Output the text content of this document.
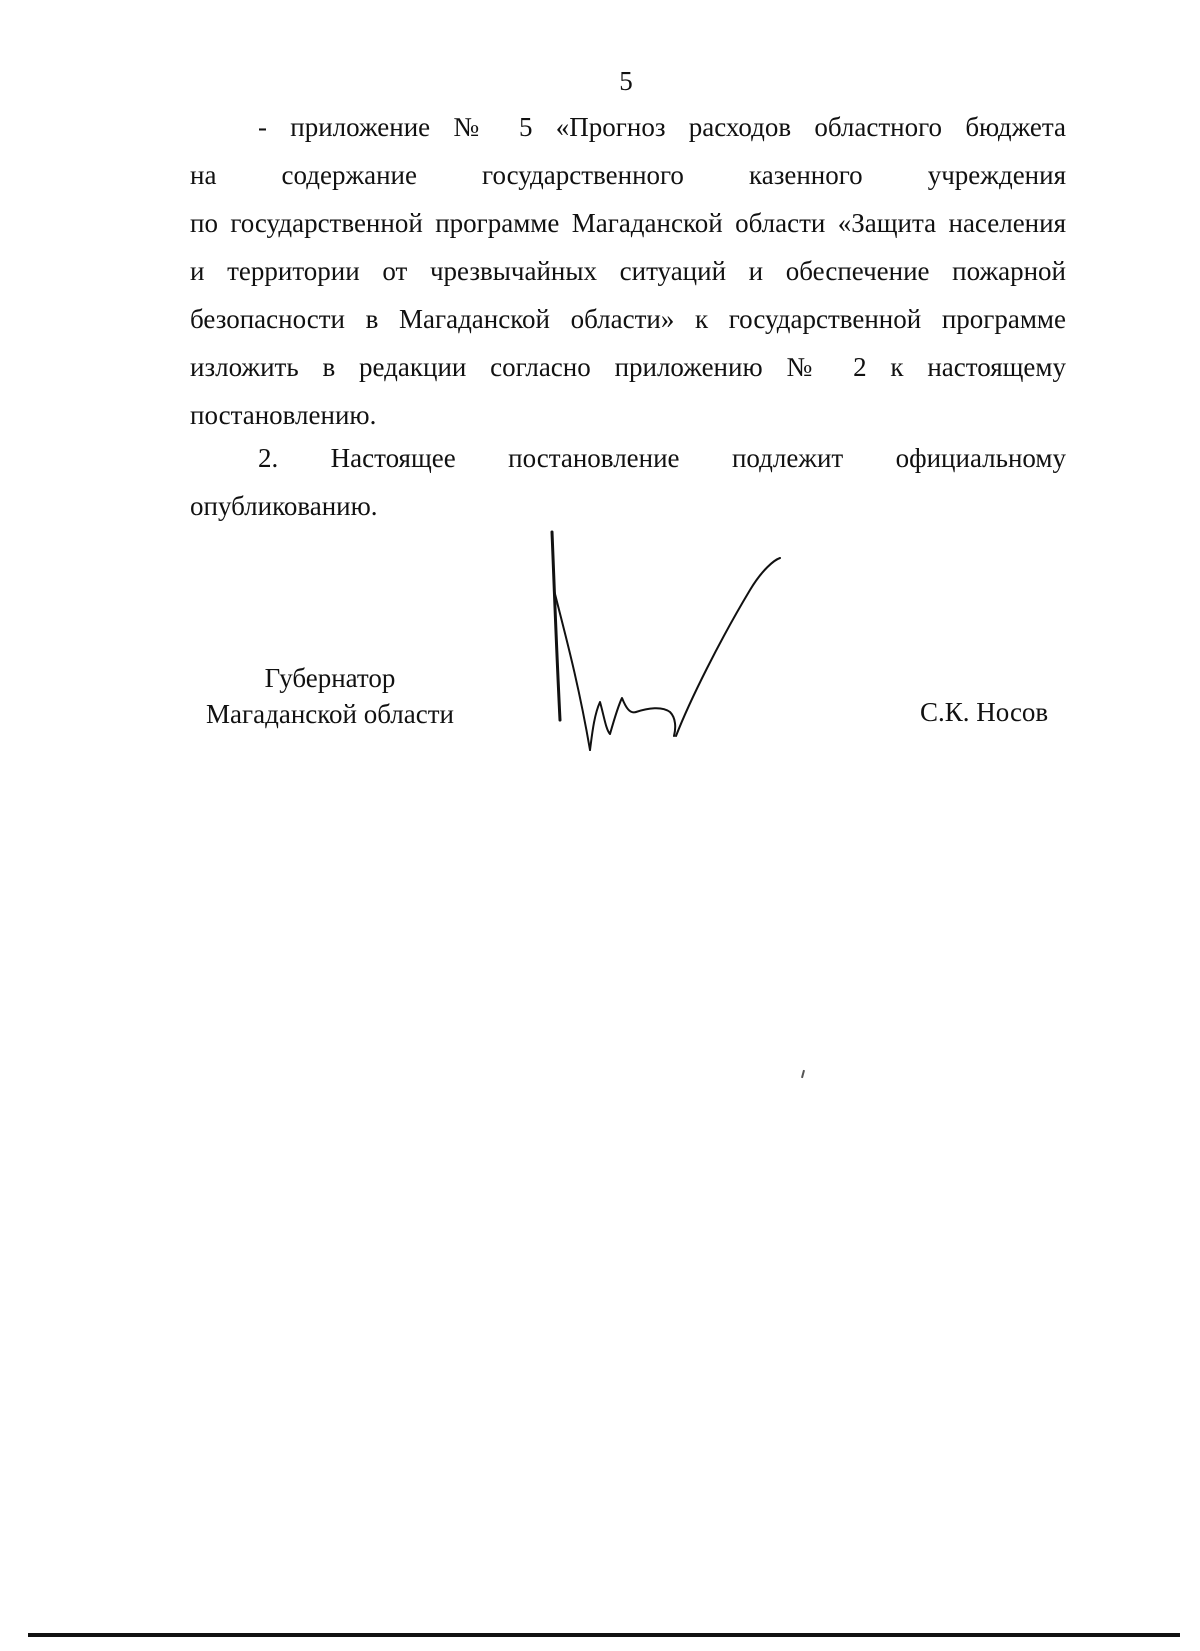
5
- приложение № 5 «Прогноз расходов областного бюджета
на содержание государственного казенного учреждения
по государственной программе Магаданской области «Защита населения
и территории от чрезвычайных ситуаций и обеспечение пожарной
безопасности в Магаданской области» к государственной программе
изложить в редакции согласно приложению № 2 к настоящему
постановлению.
2. Настоящее постановление подлежит официальному
опубликованию.
Губернатор
Магаданской области	С.К. Носов
